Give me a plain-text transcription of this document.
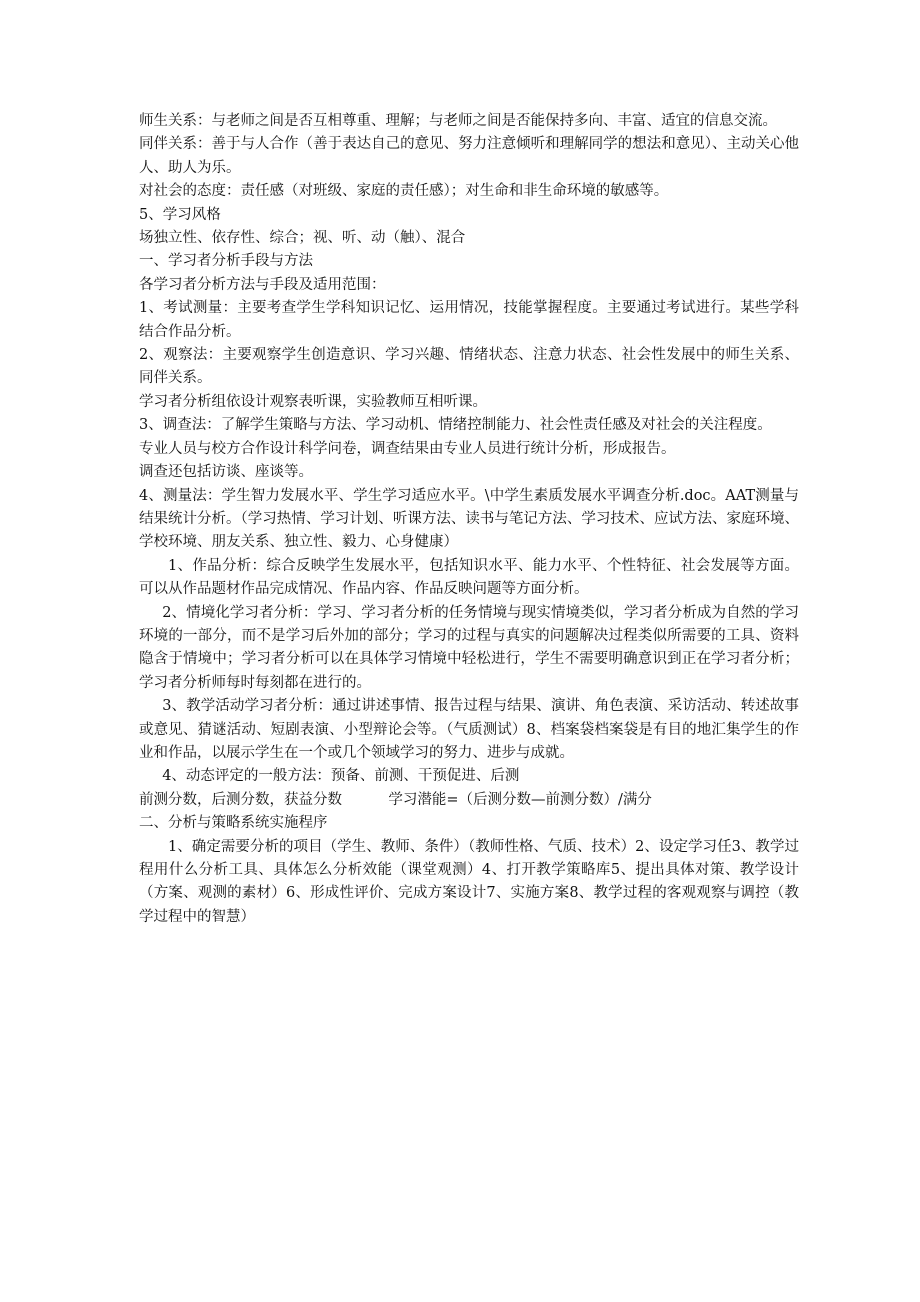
师生关系：与老师之间是否互相尊重、理解；与老师之间是否能保持多向、丰富、适宜的信息交流。

同伴关系：善于与人合作（善于表达自己的意见、努力注意倾听和理解同学的想法和意见）、主动关心他人、助人为乐。

对社会的态度：责任感（对班级、家庭的责任感）；对生命和非生命环境的敏感等。

5、学习风格

场独立性、依存性、综合；视、听、动（触）、混合

一、学习者分析手段与方法

各学习者分析方法与手段及适用范围：

1、考试测量：主要考查学生学科知识记忆、运用情况，技能掌握程度。主要通过考试进行。某些学科结合作品分析。

2、观察法：主要观察学生创造意识、学习兴趣、情绪状态、注意力状态、社会性发展中的师生关系、同伴关系。

学习者分析组依设计观察表听课，实验教师互相听课。

3、调查法：了解学生策略与方法、学习动机、情绪控制能力、社会性责任感及对社会的关注程度。

专业人员与校方合作设计科学问卷，调查结果由专业人员进行统计分析，形成报告。

调查还包括访谈、座谈等。

4、测量法：学生智力发展水平、学生学习适应水平。\中学生素质发展水平调查分析.doc。AAT测量与结果统计分析。（学习热情、学习计划、听课方法、读书与笔记方法、学习技术、应试方法、家庭环境、学校环境、朋友关系、独立性、毅力、心身健康）

1、作品分析：综合反映学生发展水平，包括知识水平、能力水平、个性特征、社会发展等方面。可以从作品题材作品完成情况、作品内容、作品反映问题等方面分析。

2、情境化学习者分析：学习、学习者分析的任务情境与现实情境类似，学习者分析成为自然的学习环境的一部分，而不是学习后外加的部分；学习的过程与真实的问题解决过程类似所需要的工具、资料隐含于情境中；学习者分析可以在具体学习情境中轻松进行，学生不需要明确意识到正在学习者分析；学习者分析师每时每刻都在进行的。

3、教学活动学习者分析：通过讲述事情、报告过程与结果、演讲、角色表演、采访活动、转述故事或意见、猜谜活动、短剧表演、小型辩论会等。（气质测试）8、档案袋档案袋是有目的地汇集学生的作业和作品，以展示学生在一个或几个领域学习的努力、进步与成就。

4、动态评定的一般方法：预备、前测、干预促进、后测

前测分数，后测分数，获益分数	学习潜能=（后测分数—前测分数）/满分

二、分析与策略系统实施程序

1、确定需要分析的项目（学生、教师、条件）（教师性格、气质、技术）2、设定学习任3、教学过程用什么分析工具、具体怎么分析效能（课堂观测）4、打开教学策略库5、提出具体对策、教学设计（方案、观测的素材）6、形成性评价、完成方案设计7、实施方案8、教学过程的客观观察与调控（教学过程中的智慧）
